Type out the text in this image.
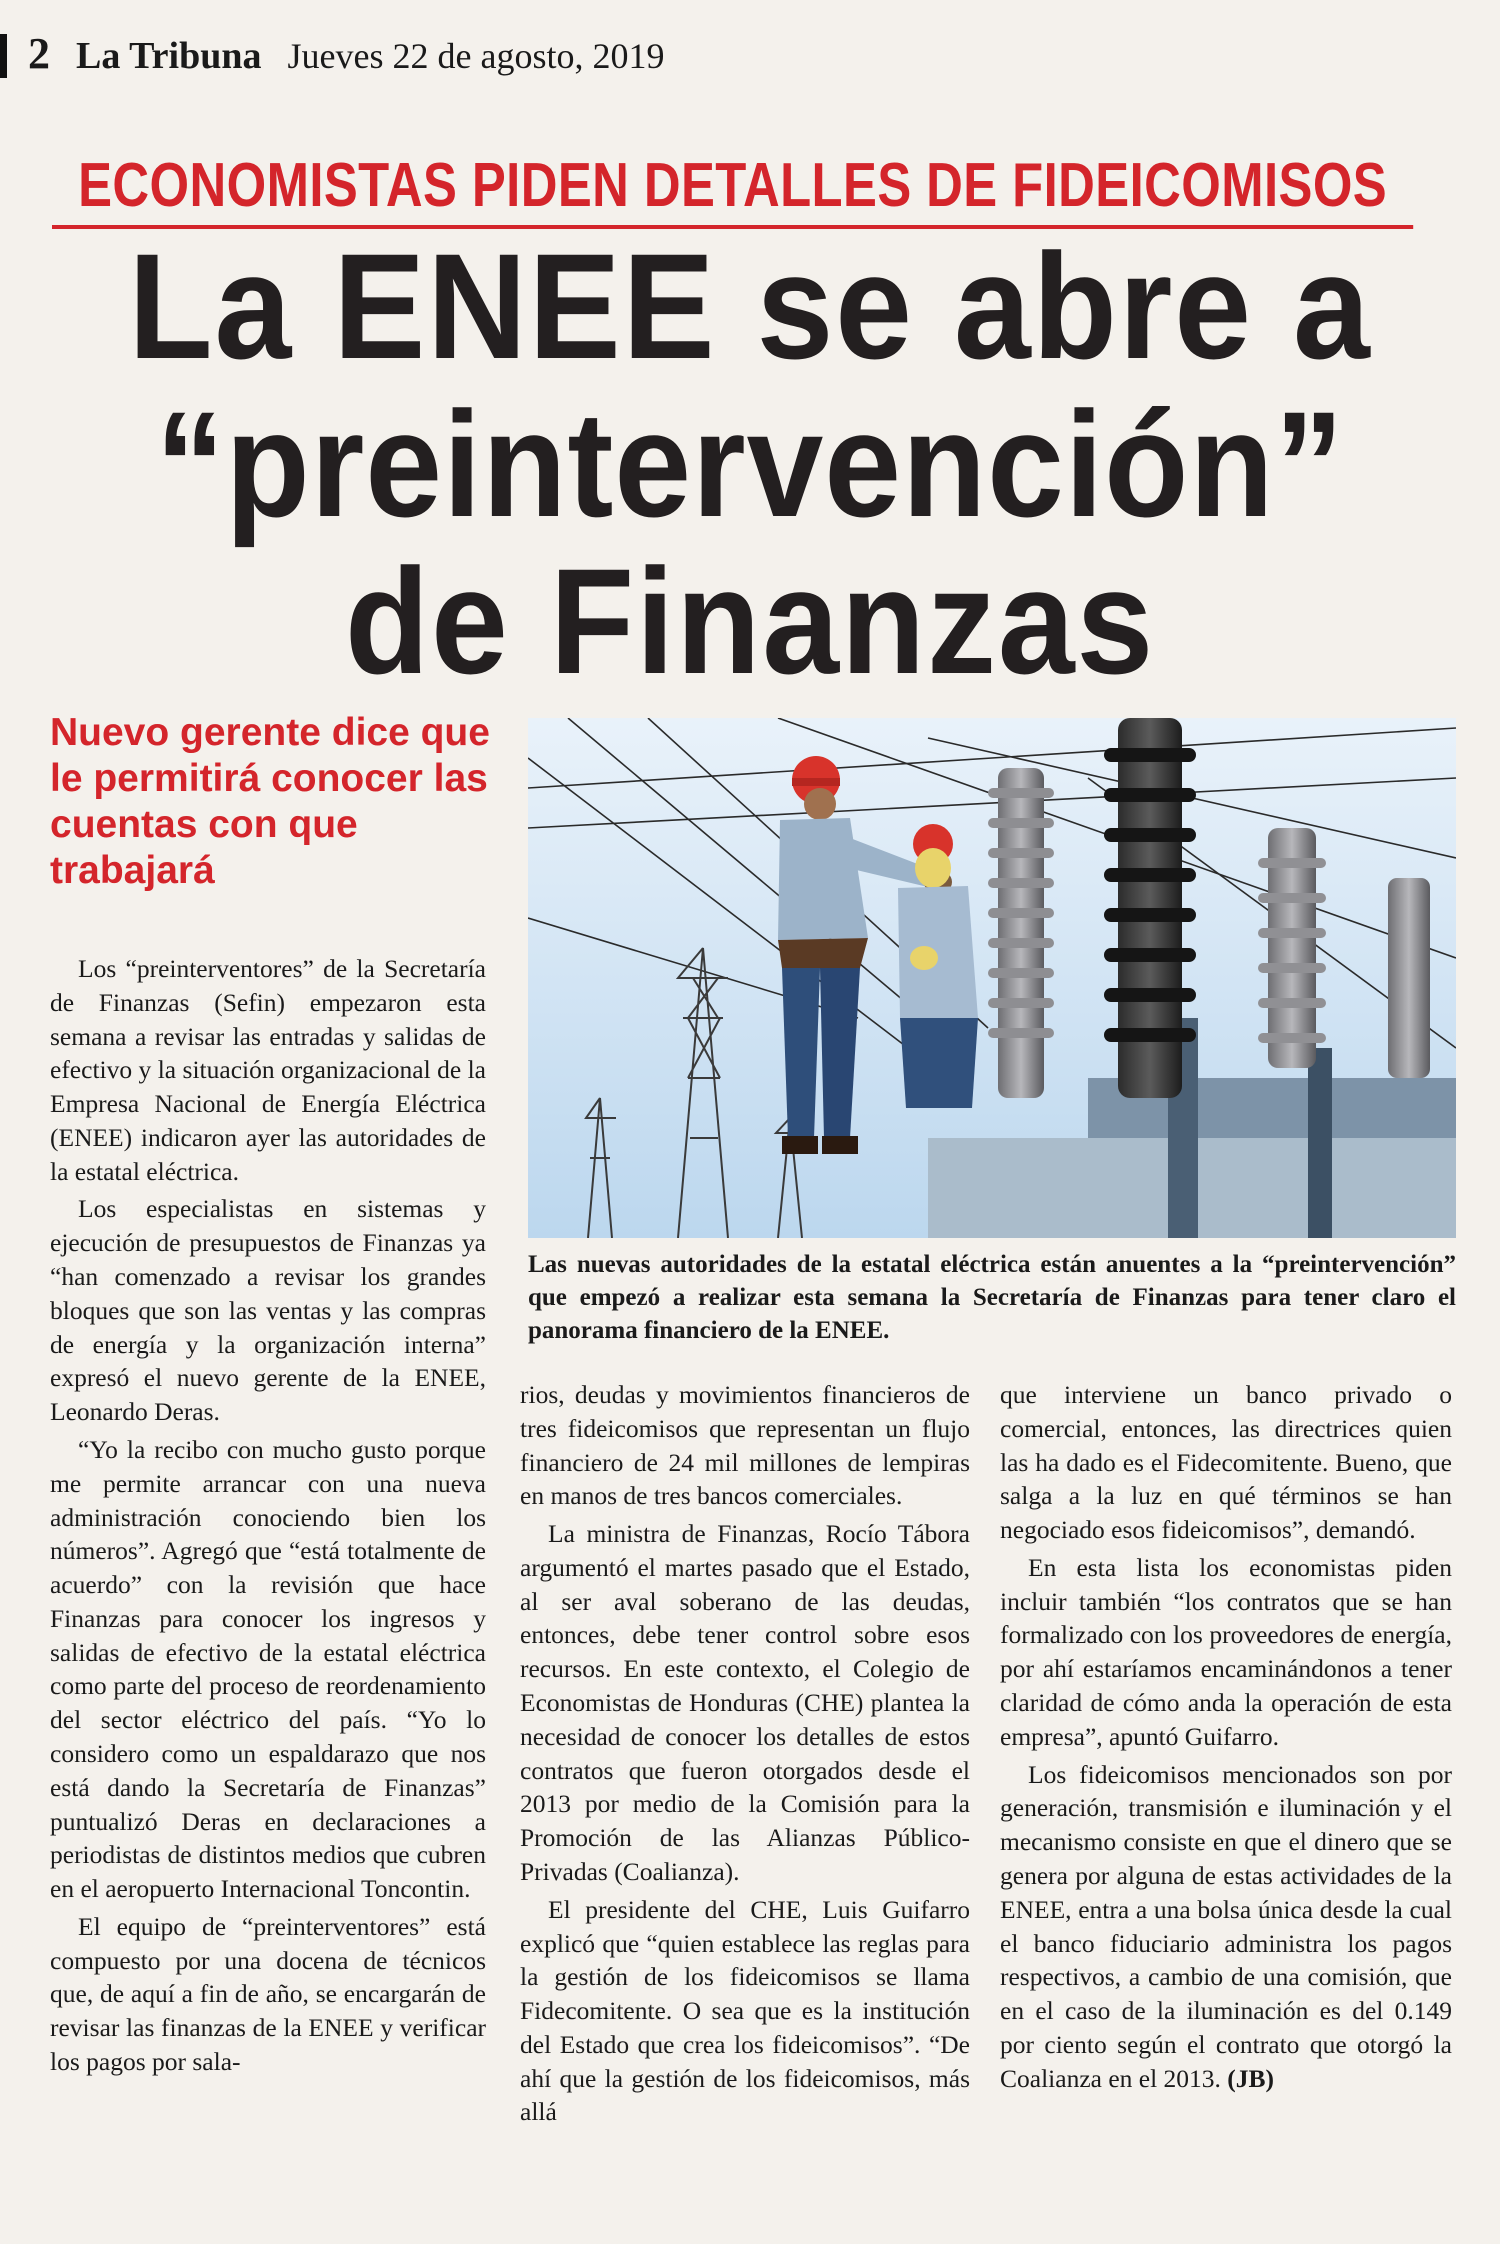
2 La Tribuna Jueves 22 de agosto, 2019
ECONOMISTAS PIDEN DETALLES DE FIDEICOMISOS
La ENEE se abre a
“preintervención”
de Finanzas
Nuevo gerente dice que le permitirá conocer las cuentas con que trabajará
Las nuevas autoridades de la estatal eléctrica están anuentes a la “preintervención” que empezó a realizar esta semana la Secretaría de Finanzas para tener claro el panorama financiero de la ENEE.

Los “preinterventores” de la Secretaría de Finanzas (Sefin) empezaron esta semana a revisar las entradas y salidas de efectivo y la situación organizacional de la Empresa Nacional de Energía Eléctrica (ENEE) indicaron ayer las autoridades de la estatal eléctrica.

Los especialistas en sistemas y ejecución de presupuestos de Finanzas ya “han comenzado a revisar los grandes bloques que son las ventas y las compras de energía y la organización interna” expresó el nuevo gerente de la ENEE, Leonardo Deras.

“Yo la recibo con mucho gusto porque me permite arrancar con una nueva administración conociendo bien los números”. Agregó que “está totalmente de acuerdo” con la revisión que hace Finanzas para conocer los ingresos y salidas de efectivo de la estatal eléctrica como parte del proceso de reordenamiento del sector eléctrico del país. “Yo lo considero como un espaldarazo que nos está dando la Secretaría de Finanzas” puntualizó Deras en declaraciones a periodistas de distintos medios que cubren en el aeropuerto Internacional Toncontin.

El equipo de “preinterventores” está compuesto por una docena de técnicos que, de aquí a fin de año, se encargarán de revisar las finanzas de la ENEE y verificar los pagos por sala-

rios, deudas y movimientos financieros de tres fideicomisos que representan un flujo financiero de 24 mil millones de lempiras en manos de tres bancos comerciales.

La ministra de Finanzas, Rocío Tábora argumentó el martes pasado que el Estado, al ser aval soberano de las deudas, entonces, debe tener control sobre esos recursos. En este contexto, el Colegio de Economistas de Honduras (CHE) plantea la necesidad de conocer los detalles de estos contratos que fueron otorgados desde el 2013 por medio de la Comisión para la Promoción de las Alianzas Público-Privadas (Coalianza).

El presidente del CHE, Luis Guifarro explicó que “quien establece las reglas para la gestión de los fideicomisos se llama Fidecomitente. O sea que es la institución del Estado que crea los fideicomisos”. “De ahí que la gestión de los fideicomisos, más allá

que interviene un banco privado o comercial, entonces, las directrices quien las ha dado es el Fidecomitente. Bueno, que salga a la luz en qué términos se han negociado esos fideicomisos”, demandó.

En esta lista los economistas piden incluir también “los contratos que se han formalizado con los proveedores de energía, por ahí estaríamos encaminándonos a tener claridad de cómo anda la operación de esta empresa”, apuntó Guifarro.

Los fideicomisos mencionados son por generación, transmisión e iluminación y el mecanismo consiste en que el dinero que se genera por alguna de estas actividades de la ENEE, entra a una bolsa única desde la cual el banco fiduciario administra los pagos respectivos, a cambio de una comisión, que en el caso de la iluminación es del 0.149 por ciento según el contrato que otorgó la Coalianza en el 2013. (JB)
